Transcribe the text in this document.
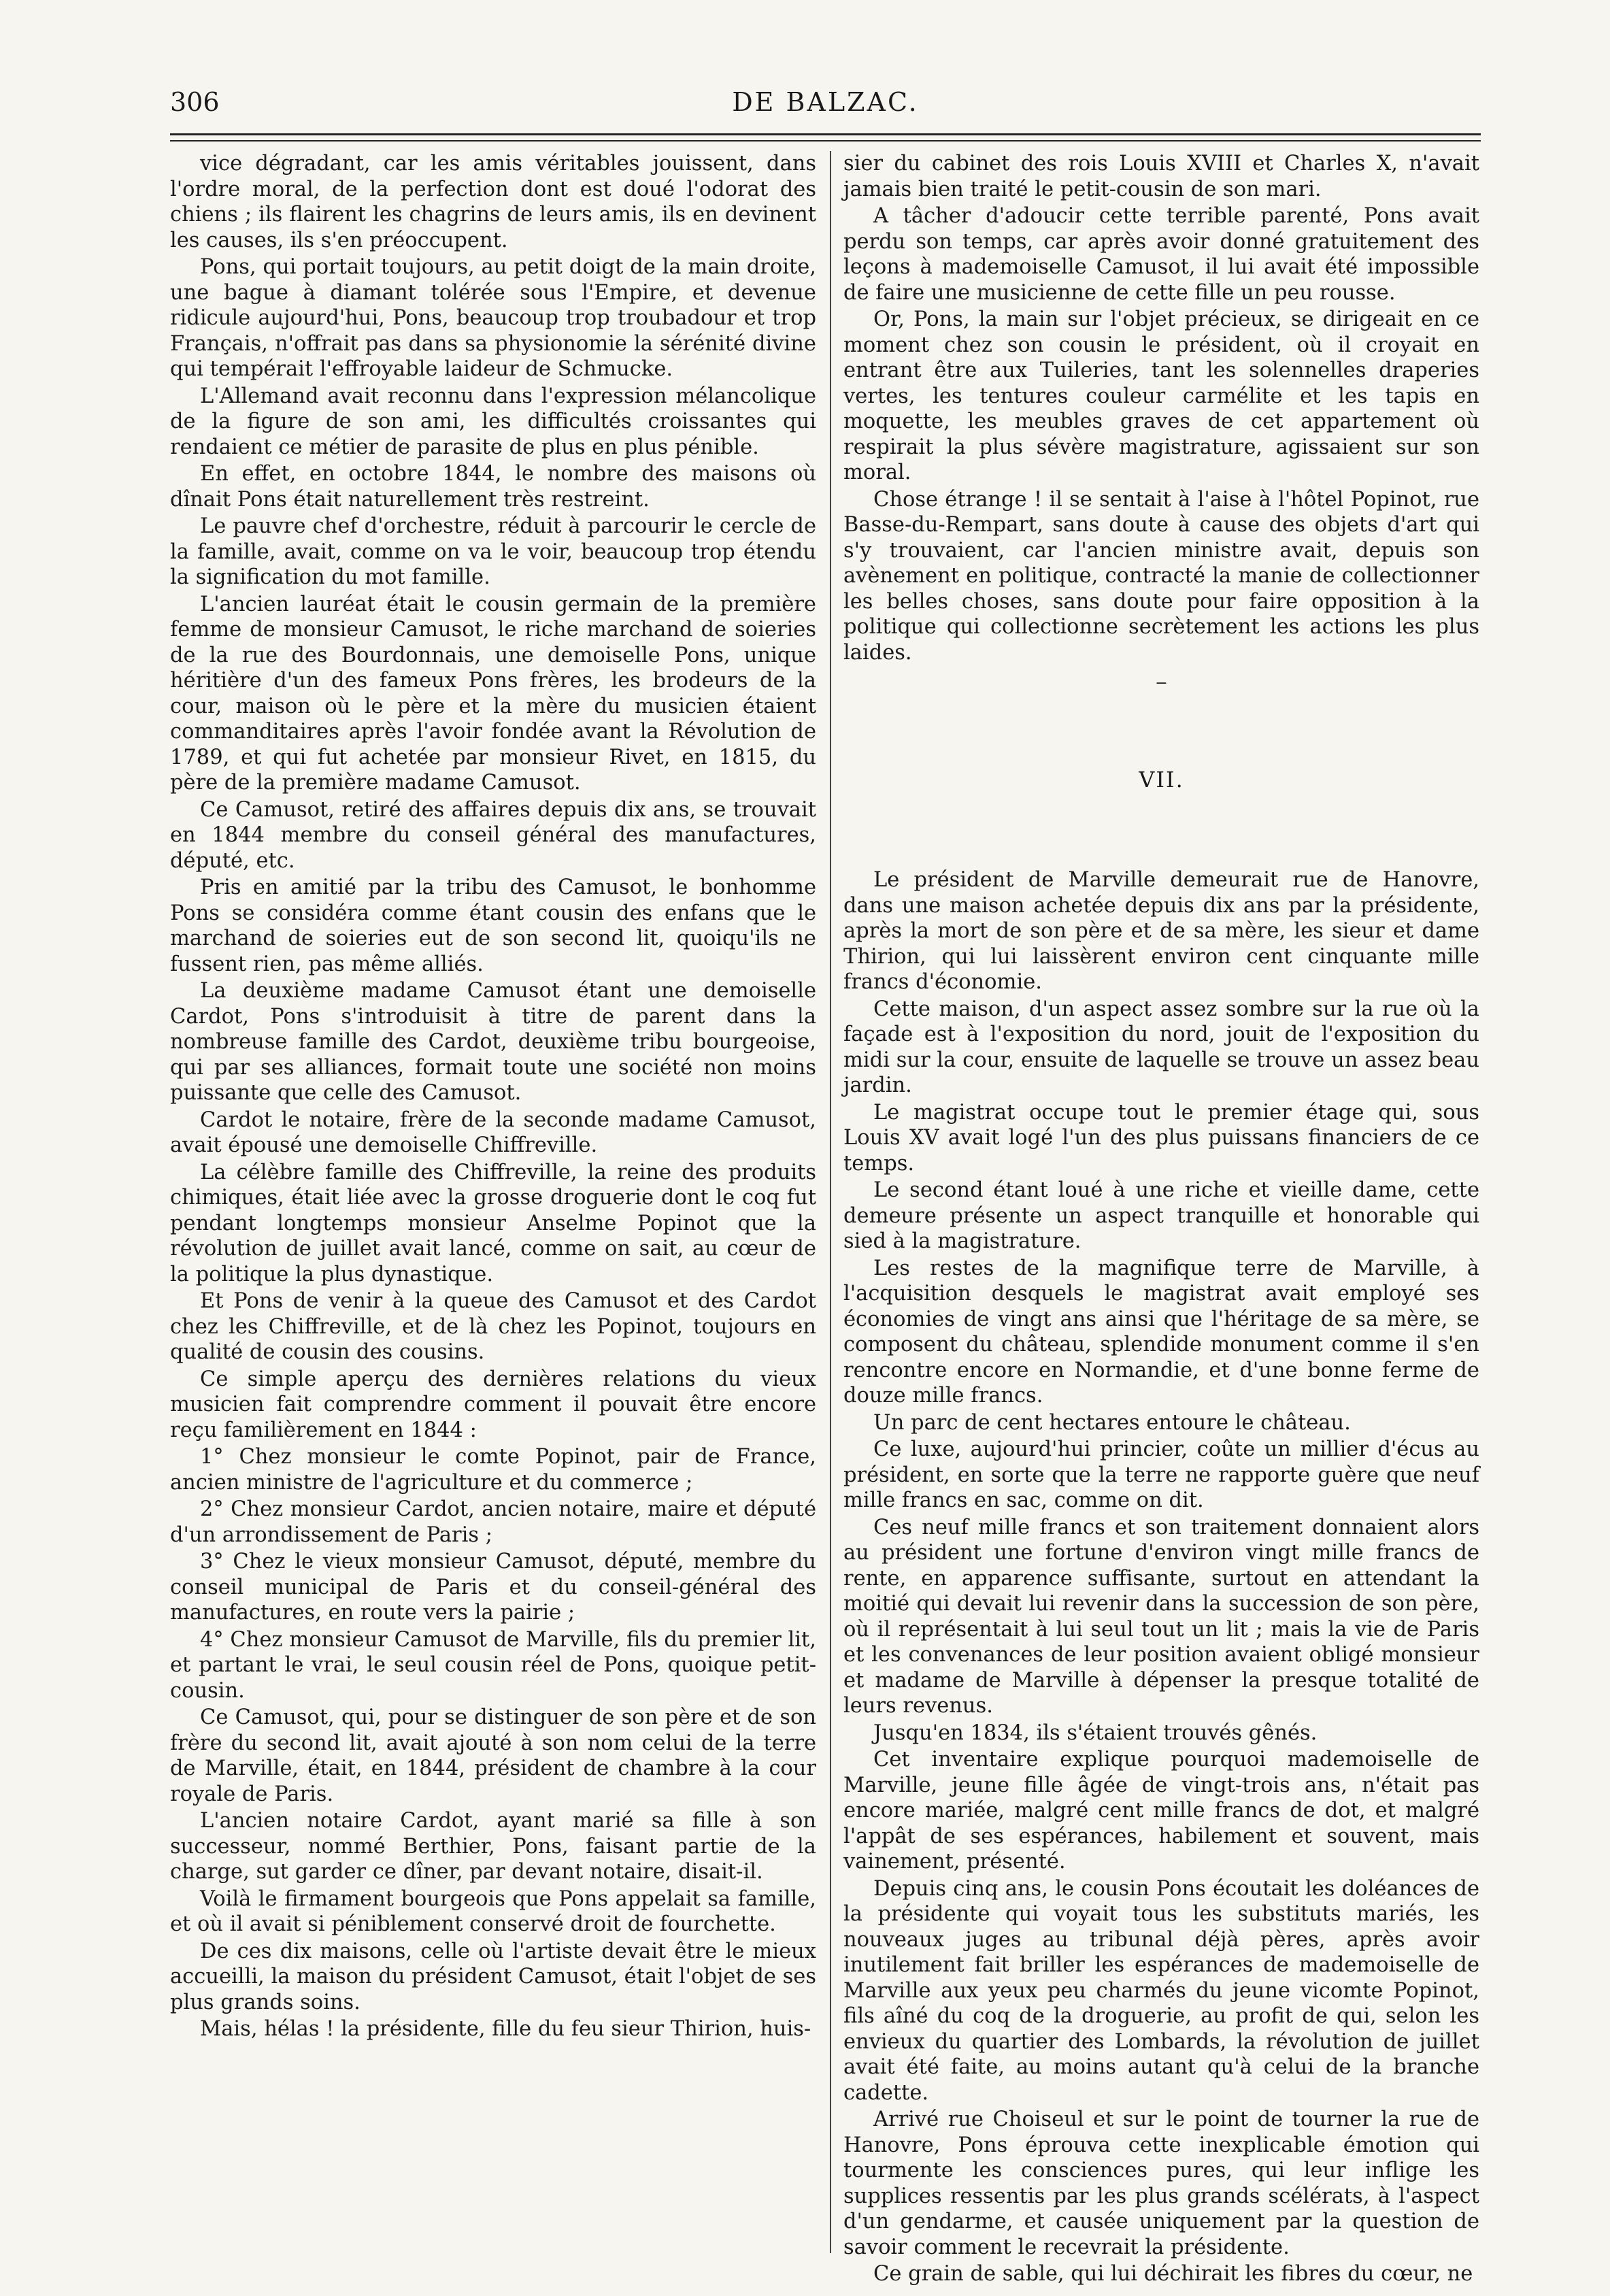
306	DE BALZAC.

vice dégradant, car les amis véritables jouissent, dans l'ordre moral, de la perfection dont est doué l'odorat des chiens ; ils flairent les chagrins de leurs amis, ils en devinent les causes, ils s'en préoccupent.

Pons, qui portait toujours, au petit doigt de la main droite, une bague à diamant tolérée sous l'Empire, et devenue ridicule aujourd'hui, Pons, beaucoup trop troubadour et trop Français, n'offrait pas dans sa physionomie la sérénité divine qui tempérait l'effroyable laideur de Schmucke.

L'Allemand avait reconnu dans l'expression mélancolique de la figure de son ami, les difficultés croissantes qui rendaient ce métier de parasite de plus en plus pénible.

En effet, en octobre 1844, le nombre des maisons où dînait Pons était naturellement très restreint.

Le pauvre chef d'orchestre, réduit à parcourir le cercle de la famille, avait, comme on va le voir, beaucoup trop étendu la signification du mot famille.

L'ancien lauréat était le cousin germain de la première femme de monsieur Camusot, le riche marchand de soieries de la rue des Bourdonnais, une demoiselle Pons, unique héritière d'un des fameux Pons frères, les brodeurs de la cour, maison où le père et la mère du musicien étaient commanditaires après l'avoir fondée avant la Révolution de 1789, et qui fut achetée par monsieur Rivet, en 1815, du père de la première madame Camusot.

Ce Camusot, retiré des affaires depuis dix ans, se trouvait en 1844 membre du conseil général des manufactures, député, etc.

Pris en amitié par la tribu des Camusot, le bonhomme Pons se considéra comme étant cousin des enfans que le marchand de soieries eut de son second lit, quoiqu'ils ne fussent rien, pas même alliés.

La deuxième madame Camusot étant une demoiselle Cardot, Pons s'introduisit à titre de parent dans la nombreuse famille des Cardot, deuxième tribu bourgeoise, qui par ses alliances, formait toute une société non moins puissante que celle des Camusot.

Cardot le notaire, frère de la seconde madame Camusot, avait épousé une demoiselle Chiffreville.

La célèbre famille des Chiffreville, la reine des produits chimiques, était liée avec la grosse droguerie dont le coq fut pendant longtemps monsieur Anselme Popinot que la révolution de juillet avait lancé, comme on sait, au cœur de la politique la plus dynastique.

Et Pons de venir à la queue des Camusot et des Cardot chez les Chiffreville, et de là chez les Popinot, toujours en qualité de cousin des cousins.

Ce simple aperçu des dernières relations du vieux musicien fait comprendre comment il pouvait être encore reçu familièrement en 1844 :

1° Chez monsieur le comte Popinot, pair de France, ancien ministre de l'agriculture et du commerce ;

2° Chez monsieur Cardot, ancien notaire, maire et député d'un arrondissement de Paris ;

3° Chez le vieux monsieur Camusot, député, membre du conseil municipal de Paris et du conseil-général des manufactures, en route vers la pairie ;

4° Chez monsieur Camusot de Marville, fils du premier lit, et partant le vrai, le seul cousin réel de Pons, quoique petit-cousin.

Ce Camusot, qui, pour se distinguer de son père et de son frère du second lit, avait ajouté à son nom celui de la terre de Marville, était, en 1844, président de chambre à la cour royale de Paris.

L'ancien notaire Cardot, ayant marié sa fille à son successeur, nommé Berthier, Pons, faisant partie de la charge, sut garder ce dîner, par devant notaire, disait-il.

Voilà le firmament bourgeois que Pons appelait sa famille, et où il avait si péniblement conservé droit de fourchette.

De ces dix maisons, celle où l'artiste devait être le mieux accueilli, la maison du président Camusot, était l'objet de ses plus grands soins.

Mais, hélas ! la présidente, fille du feu sieur Thirion, huis-

sier du cabinet des rois Louis XVIII et Charles X, n'avait jamais bien traité le petit-cousin de son mari.

A tâcher d'adoucir cette terrible parenté, Pons avait perdu son temps, car après avoir donné gratuitement des leçons à mademoiselle Camusot, il lui avait été impossible de faire une musicienne de cette fille un peu rousse.

Or, Pons, la main sur l'objet précieux, se dirigeait en ce moment chez son cousin le président, où il croyait en entrant être aux Tuileries, tant les solennelles draperies vertes, les tentures couleur carmélite et les tapis en moquette, les meubles graves de cet appartement où respirait la plus sévère magistrature, agissaient sur son moral.

Chose étrange ! il se sentait à l'aise à l'hôtel Popinot, rue Basse-du-Rempart, sans doute à cause des objets d'art qui s'y trouvaient, car l'ancien ministre avait, depuis son avènement en politique, contracté la manie de collectionner les belles choses, sans doute pour faire opposition à la politique qui collectionne secrètement les actions les plus laides.

−
VII.

Le président de Marville demeurait rue de Hanovre, dans une maison achetée depuis dix ans par la présidente, après la mort de son père et de sa mère, les sieur et dame Thirion, qui lui laissèrent environ cent cinquante mille francs d'économie.

Cette maison, d'un aspect assez sombre sur la rue où la façade est à l'exposition du nord, jouit de l'exposition du midi sur la cour, ensuite de laquelle se trouve un assez beau jardin.

Le magistrat occupe tout le premier étage qui, sous Louis XV avait logé l'un des plus puissans financiers de ce temps.

Le second étant loué à une riche et vieille dame, cette demeure présente un aspect tranquille et honorable qui sied à la magistrature.

Les restes de la magnifique terre de Marville, à l'acquisition desquels le magistrat avait employé ses économies de vingt ans ainsi que l'héritage de sa mère, se composent du château, splendide monument comme il s'en rencontre encore en Normandie, et d'une bonne ferme de douze mille francs.

Un parc de cent hectares entoure le château.

Ce luxe, aujourd'hui princier, coûte un millier d'écus au président, en sorte que la terre ne rapporte guère que neuf mille francs en sac, comme on dit.

Ces neuf mille francs et son traitement donnaient alors au président une fortune d'environ vingt mille francs de rente, en apparence suffisante, surtout en attendant la moitié qui devait lui revenir dans la succession de son père, où il représentait à lui seul tout un lit ; mais la vie de Paris et les convenances de leur position avaient obligé monsieur et madame de Marville à dépenser la presque totalité de leurs revenus.

Jusqu'en 1834, ils s'étaient trouvés gênés.

Cet inventaire explique pourquoi mademoiselle de Marville, jeune fille âgée de vingt-trois ans, n'était pas encore mariée, malgré cent mille francs de dot, et malgré l'appât de ses espérances, habilement et souvent, mais vainement, présenté.

Depuis cinq ans, le cousin Pons écoutait les doléances de la présidente qui voyait tous les substituts mariés, les nouveaux juges au tribunal déjà pères, après avoir inutilement fait briller les espérances de mademoiselle de Marville aux yeux peu charmés du jeune vicomte Popinot, fils aîné du coq de la droguerie, au profit de qui, selon les envieux du quartier des Lombards, la révolution de juillet avait été faite, au moins autant qu'à celui de la branche cadette.

Arrivé rue Choiseul et sur le point de tourner la rue de Hanovre, Pons éprouva cette inexplicable émotion qui tourmente les consciences pures, qui leur inflige les supplices ressentis par les plus grands scélérats, à l'aspect d'un gendarme, et causée uniquement par la question de savoir comment le recevrait la présidente.

Ce grain de sable, qui lui déchirait les fibres du cœur, ne
